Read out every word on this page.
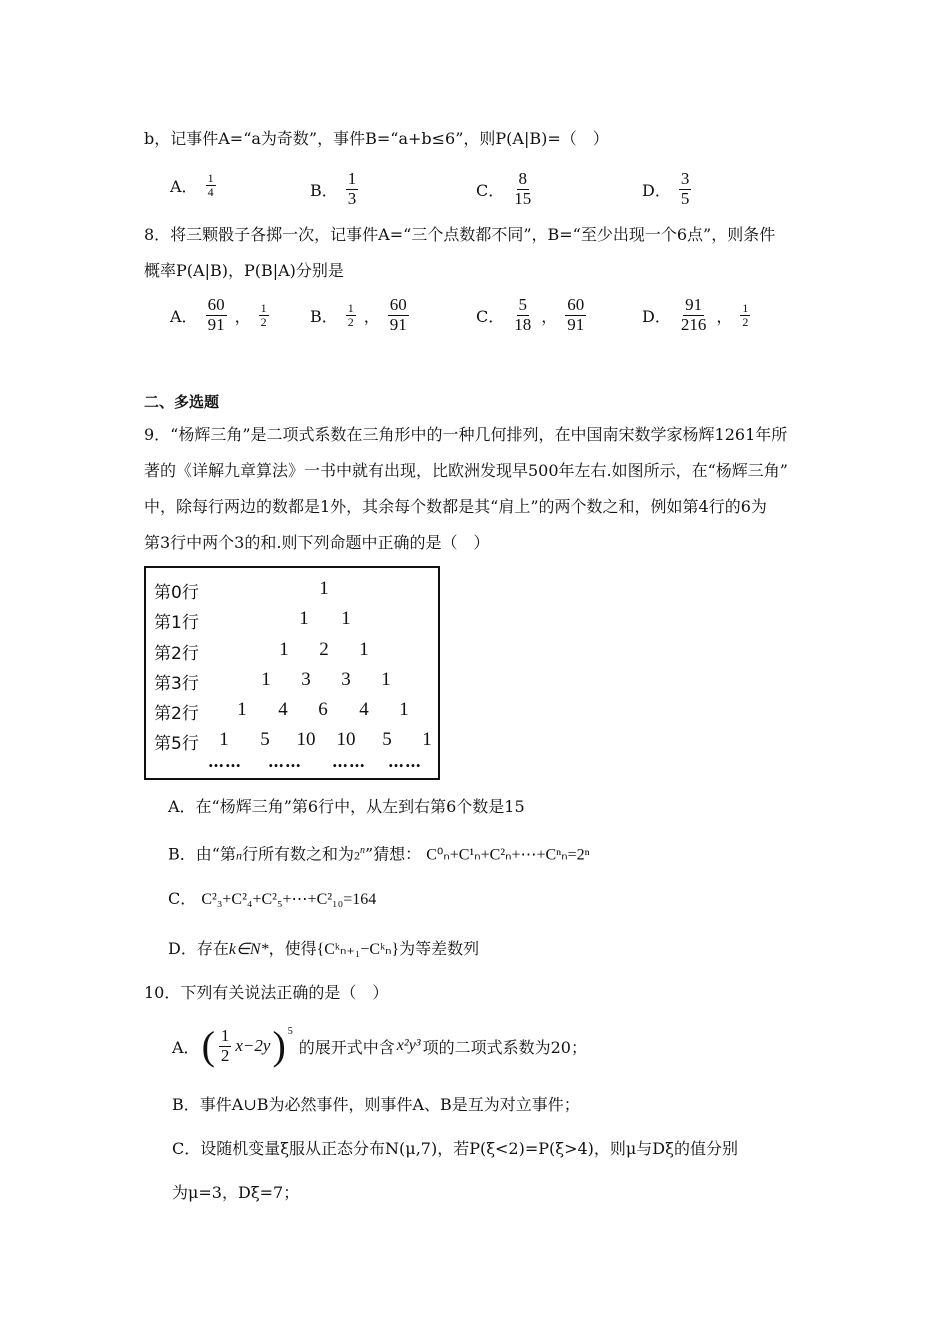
b，记事件A=“a为奇数”，事件B=“a+b≤6”，则P(A|B)=（　）
A． $\frac{1}{4}$	B． $\frac{1}{3}$	C． $\frac{8}{15}$	D． $\frac{3}{5}$
8．将三颗骰子各掷一次，记事件A=“三个点数都不同”，B=“至少出现一个6点”，则条件
概率P(A|B)，P(B|A)分别是
A． $\frac{60}{91}$ ， $\frac{1}{2}$	B． $\frac{1}{2}$ ， $\frac{60}{91}$	C． $\frac{5}{18}$ ， $\frac{60}{91}$	D． $\frac{91}{216}$ ， $\frac{1}{2}$
二、多选题
9．“杨辉三角”是二项式系数在三角形中的一种几何排列，在中国南宋数学家杨辉1261年所
著的《详解九章算法》一书中就有出现，比欧洲发现早500年左右.如图所示，在“杨辉三角”
中，除每行两边的数都是1外，其余每个数都是其“肩上”的两个数之和，例如第4行的6为
第3行中两个3的和.则下列命题中正确的是（　）
第0行	1
第1行	1 1
第2行	1 2 1
第3行	1 3 3 1
第2行 1 4 6 4 1
第5行 1 5 10 10 5 1
…… …… …… ……
A．在“杨辉三角”第6行中，从左到右第6个数是15
B．由“第n行所有数之和为2$^n$”猜想： C⁰ₙ+C¹ₙ+C²ₙ+⋯+Cⁿₙ=2ⁿ
C． C²₃+C²₄+C²₅+⋯+C²₁₀=164
D．存在k∈N*，使得{Cᵏₙ₊₁−Cᵏₙ}为等差数列
10．下列有关说法正确的是（　）
A． ( $\frac{1}{2} x-2y$ )$^5$
的展开式中含 x²y³ 项的二项式系数为20；
B．事件A∪B为必然事件，则事件A、B是互为对立事件；
C．设随机变量ξ服从正态分布N(μ,7)，若P(ξ<2)=P(ξ>4)，则μ与Dξ的值分别
为μ=3，Dξ=7；
